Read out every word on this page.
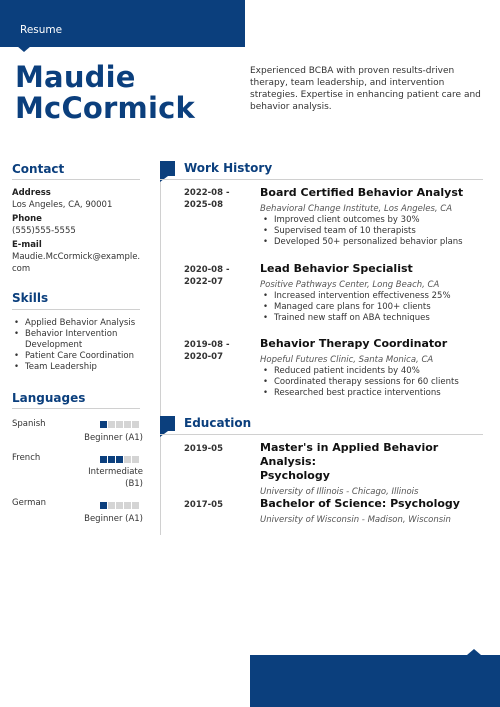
Resume
Maudie
McCormick

Experienced BCBA with proven results-driven therapy, team leadership, and intervention strategies. Expertise in enhancing patient care and behavior analysis.

Contact
Address
Los Angeles, CA, 90001
Phone
(555)555-5555
E-mail
Maudie.McCormick@example.
com
Skills
• Applied Behavior Analysis
• Behavior Intervention Development
• Patient Care Coordination
• Team Leadership
Languages
Spanish
Beginner (A1)
French
Intermediate
(B1)
German
Beginner (A1)
Work History
2022-08 -
2025-08
Board Certified Behavior Analyst
Behavioral Change Institute, Los Angeles, CA
• Improved client outcomes by 30%
• Supervised team of 10 therapists
• Developed 50+ personalized behavior plans
2020-08 -
2022-07
Lead Behavior Specialist
Positive Pathways Center, Long Beach, CA
• Increased intervention effectiveness 25%
• Managed care plans for 100+ clients
• Trained new staff on ABA techniques
2019-08 -
2020-07
Behavior Therapy Coordinator
Hopeful Futures Clinic, Santa Monica, CA
• Reduced patient incidents by 40%
• Coordinated therapy sessions for 60 clients
• Researched best practice interventions
Education
2019-05	Master's in Applied Behavior Analysis:
Psychology
University of Illinois - Chicago, Illinois
2017-05	Bachelor of Science: Psychology
University of Wisconsin - Madison, Wisconsin
